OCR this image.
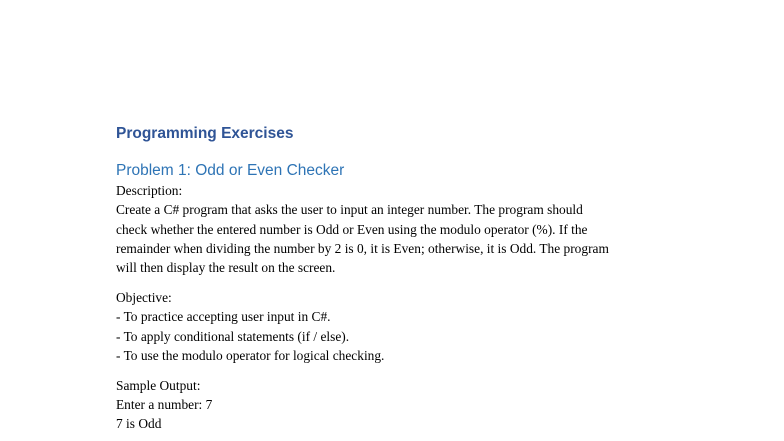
Programming Exercises
Problem 1: Odd or Even Checker
Description:
Create a C# program that asks the user to input an integer number. The program should
check whether the entered number is Odd or Even using the modulo operator (%). If the
remainder when dividing the number by 2 is 0, it is Even; otherwise, it is Odd. The program
will then display the result on the screen.
Objective:
- To practice accepting user input in C#.
- To apply conditional statements (if / else).
- To use the modulo operator for logical checking.
Sample Output:
Enter a number: 7
7 is Odd
